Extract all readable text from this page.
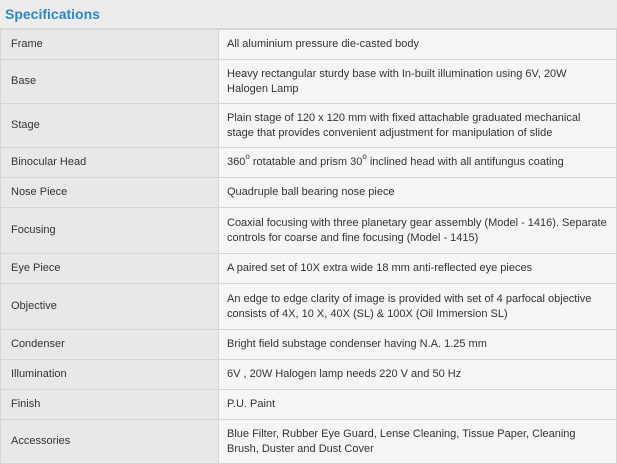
Specifications
Frame	All aluminium pressure die-casted body
Base	Heavy rectangular sturdy base with In-built illumination using 6V, 20W Halogen Lamp
Stage	Plain stage of 120 x 120 mm with fixed attachable graduated mechanical stage that provides convenient adjustment for manipulation of slide
Binocular Head	360$^o$ rotatable and prism 30$^o$ inclined head with all antifungus coating
Nose Piece	Quadruple ball bearing nose piece
Focusing	Coaxial focusing with three planetary gear assembly (Model - 1416). Separate controls for coarse and fine focusing (Model - 1415)
Eye Piece	A paired set of 10X extra wide 18 mm anti-reflected eye pieces
Objective	An edge to edge clarity of image is provided with set of 4 parfocal objective consists of 4X, 10 X, 40X (SL) & 100X (Oil Immersion SL)
Condenser	Bright field substage condenser having N.A. 1.25 mm
Illumination	6V , 20W Halogen lamp needs 220 V and 50 Hz
Finish	P.U. Paint
Accessories	Blue Filter, Rubber Eye Guard, Lense Cleaning, Tissue Paper, Cleaning Brush, Duster and Dust Cover
